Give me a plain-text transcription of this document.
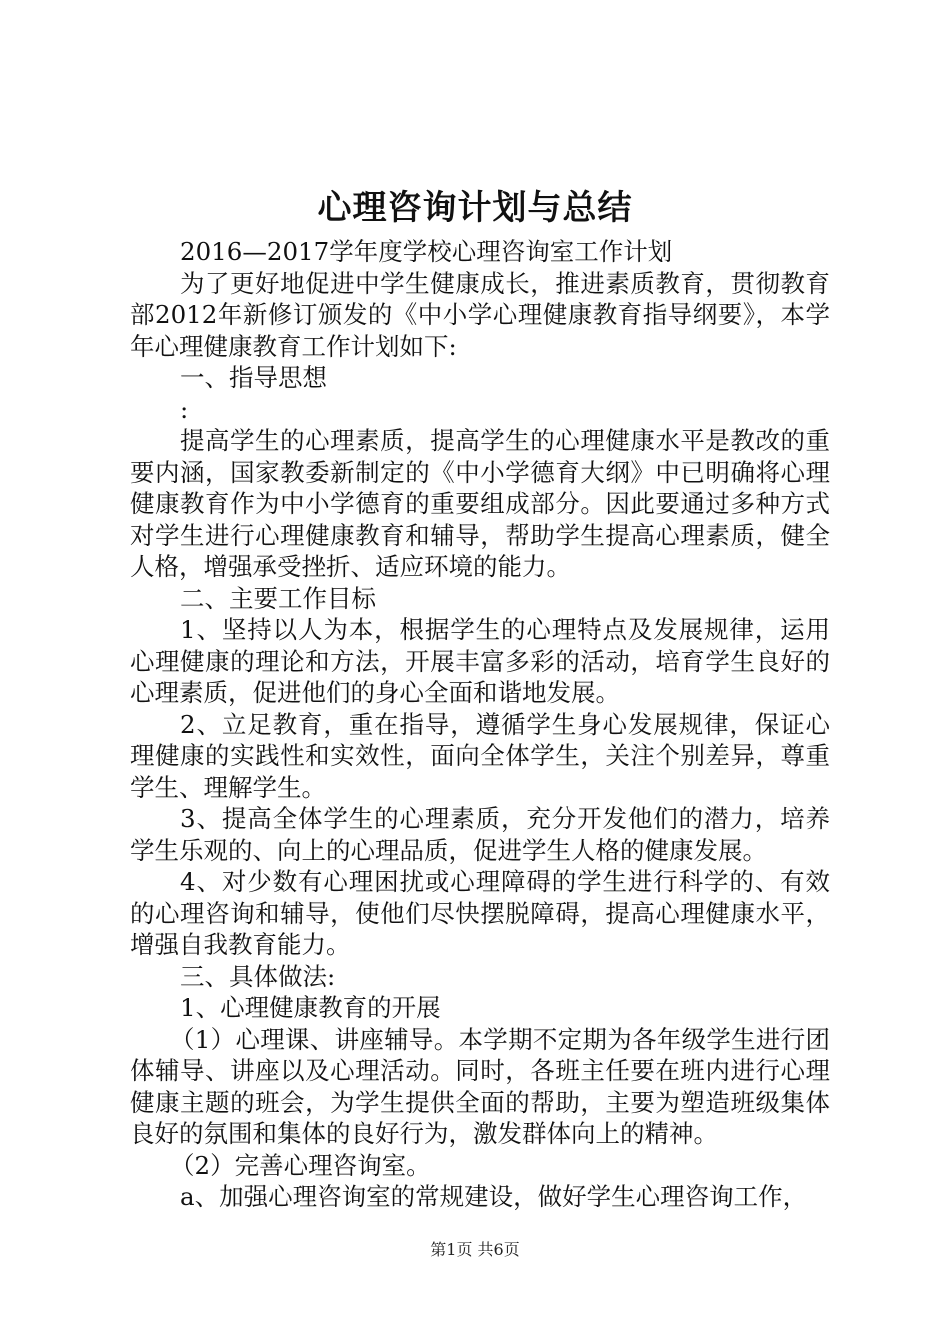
心理咨询计划与总结

2016—2017学年度学校心理咨询室工作计划

为了更好地促进中学生健康成长，推进素质教育，贯彻教育部2012年新修订颁发的《中小学心理健康教育指导纲要》，本学年心理健康教育工作计划如下:

一、指导思想

:

提高学生的心理素质，提高学生的心理健康水平是教改的重要内涵，国家教委新制定的《中小学德育大纲》中已明确将心理健康教育作为中小学德育的重要组成部分。因此要通过多种方式对学生进行心理健康教育和辅导，帮助学生提高心理素质，健全人格，增强承受挫折、适应环境的能力。

二、主要工作目标

1、坚持以人为本，根据学生的心理特点及发展规律，运用心理健康的理论和方法，开展丰富多彩的活动，培育学生良好的心理素质，促进他们的身心全面和谐地发展。

2、立足教育，重在指导，遵循学生身心发展规律，保证心理健康的实践性和实效性，面向全体学生，关注个别差异，尊重学生、理解学生。

3、提高全体学生的心理素质，充分开发他们的潜力，培养学生乐观的、向上的心理品质，促进学生人格的健康发展。

4、对少数有心理困扰或心理障碍的学生进行科学的、有效的心理咨询和辅导，使他们尽快摆脱障碍，提高心理健康水平，增强自我教育能力。

三、具体做法:

1、心理健康教育的开展

（1）心理课、讲座辅导。本学期不定期为各年级学生进行团体辅导、讲座以及心理活动。同时，各班主任要在班内进行心理健康主题的班会，为学生提供全面的帮助，主要为塑造班级集体良好的氛围和集体的良好行为，激发群体向上的精神。

（2）完善心理咨询室。

a、加强心理咨询室的常规建设，做好学生心理咨询工作，

第1页 共6页
